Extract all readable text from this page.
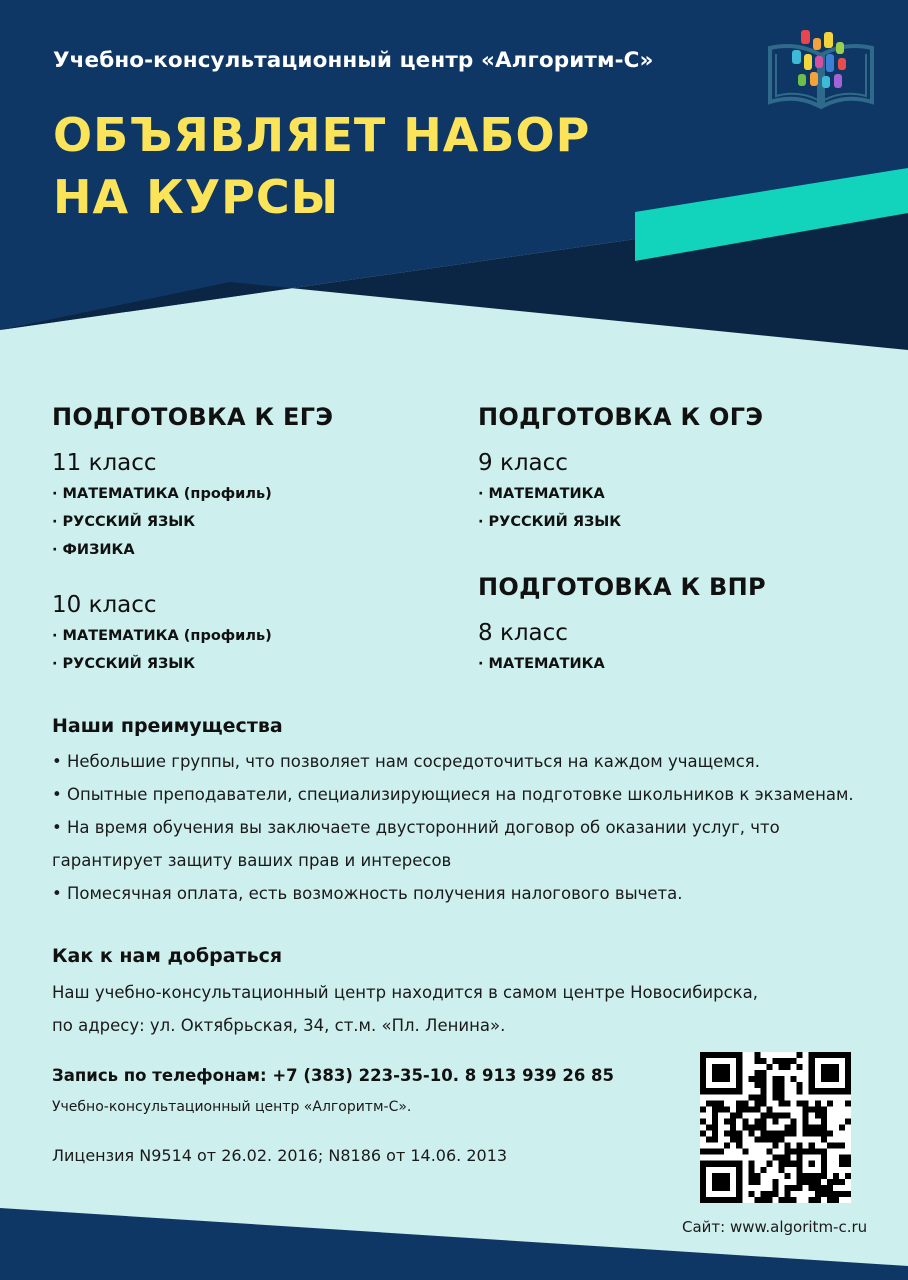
Учебно-консультационный центр «Алгоритм-С»
ОБЪЯВЛЯЕТ НАБОР
НА КУРСЫ
ПОДГОТОВКА К ЕГЭ
11 класс
· МАТЕМАТИКА (профиль)
· РУССКИЙ ЯЗЫК
· ФИЗИКА
10 класс
· МАТЕМАТИКА (профиль)
· РУССКИЙ ЯЗЫК
ПОДГОТОВКА К ОГЭ
9 класс
· МАТЕМАТИКА
· РУССКИЙ ЯЗЫК
ПОДГОТОВКА К ВПР
8 класс
· МАТЕМАТИКА
Наши преимущества
• Небольшие группы, что позволяет нам сосредоточиться на каждом учащемся.
• Опытные преподаватели, специализирующиеся на подготовке школьников к экзаменам.
• На время обучения вы заключаете двусторонний договор об оказании услуг, что
гарантирует защиту ваших прав и интересов
• Помесячная оплата, есть возможность получения налогового вычета.
Как к нам добраться
Наш учебно-консультационный центр находится в самом центре Новосибирска,
по адресу: ул. Октябрьская, 34, ст.м. «Пл. Ленина».
Запись по телефонам: +7 (383) 223-35-10. 8 913 939 26 85
Учебно-консультационный центр «Алгоритм-С».
Лицензия N9514 от 26.02. 2016; N8186 от 14.06. 2013
Сайт: www.algoritm-c.ru
